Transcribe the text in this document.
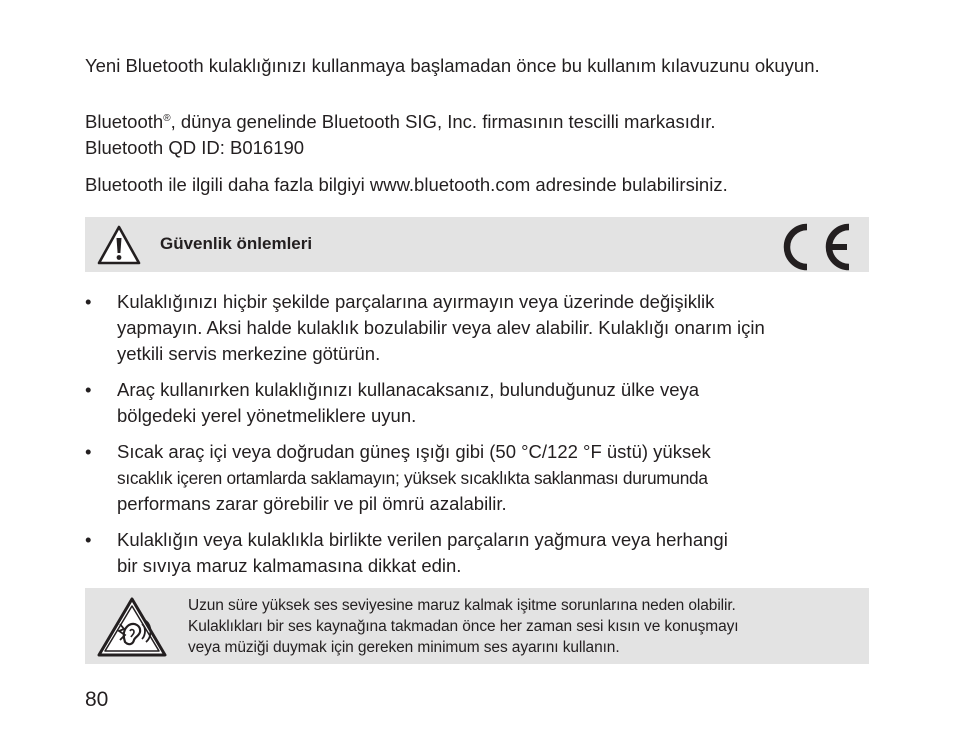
Yeni Bluetooth kulaklığınızı kullanmaya başlamadan önce bu kullanım kılavuzunu okuyun.

Bluetooth®, dünya genelinde Bluetooth SIG, Inc. firmasının tescilli markasıdır.
Bluetooth QD ID: B016190

Bluetooth ile ilgili daha fazla bilgiyi www.bluetooth.com adresinde bulabilirsiniz.

Güvenlik önlemleri
• Kulaklığınızı hiçbir şekilde parçalarına ayırmayın veya üzerinde değişiklik
yapmayın. Aksi halde kulaklık bozulabilir veya alev alabilir. Kulaklığı onarım için
yetkili servis merkezine götürün.
• Araç kullanırken kulaklığınızı kullanacaksanız, bulunduğunuz ülke veya
bölgedeki yerel yönetmeliklere uyun.
• Sıcak araç içi veya doğrudan güneş ışığı gibi (50 °C/122 °F üstü) yüksek
sıcaklık içeren ortamlarda saklamayın; yüksek sıcaklıkta saklanması durumunda
performans zarar görebilir ve pil ömrü azalabilir.
• Kulaklığın veya kulaklıkla birlikte verilen parçaların yağmura veya herhangi
bir sıvıya maruz kalmamasına dikkat edin.
Uzun süre yüksek ses seviyesine maruz kalmak işitme sorunlarına neden olabilir.
Kulaklıkları bir ses kaynağına takmadan önce her zaman sesi kısın ve konuşmayı
veya müziği duymak için gereken minimum ses ayarını kullanın.
80
